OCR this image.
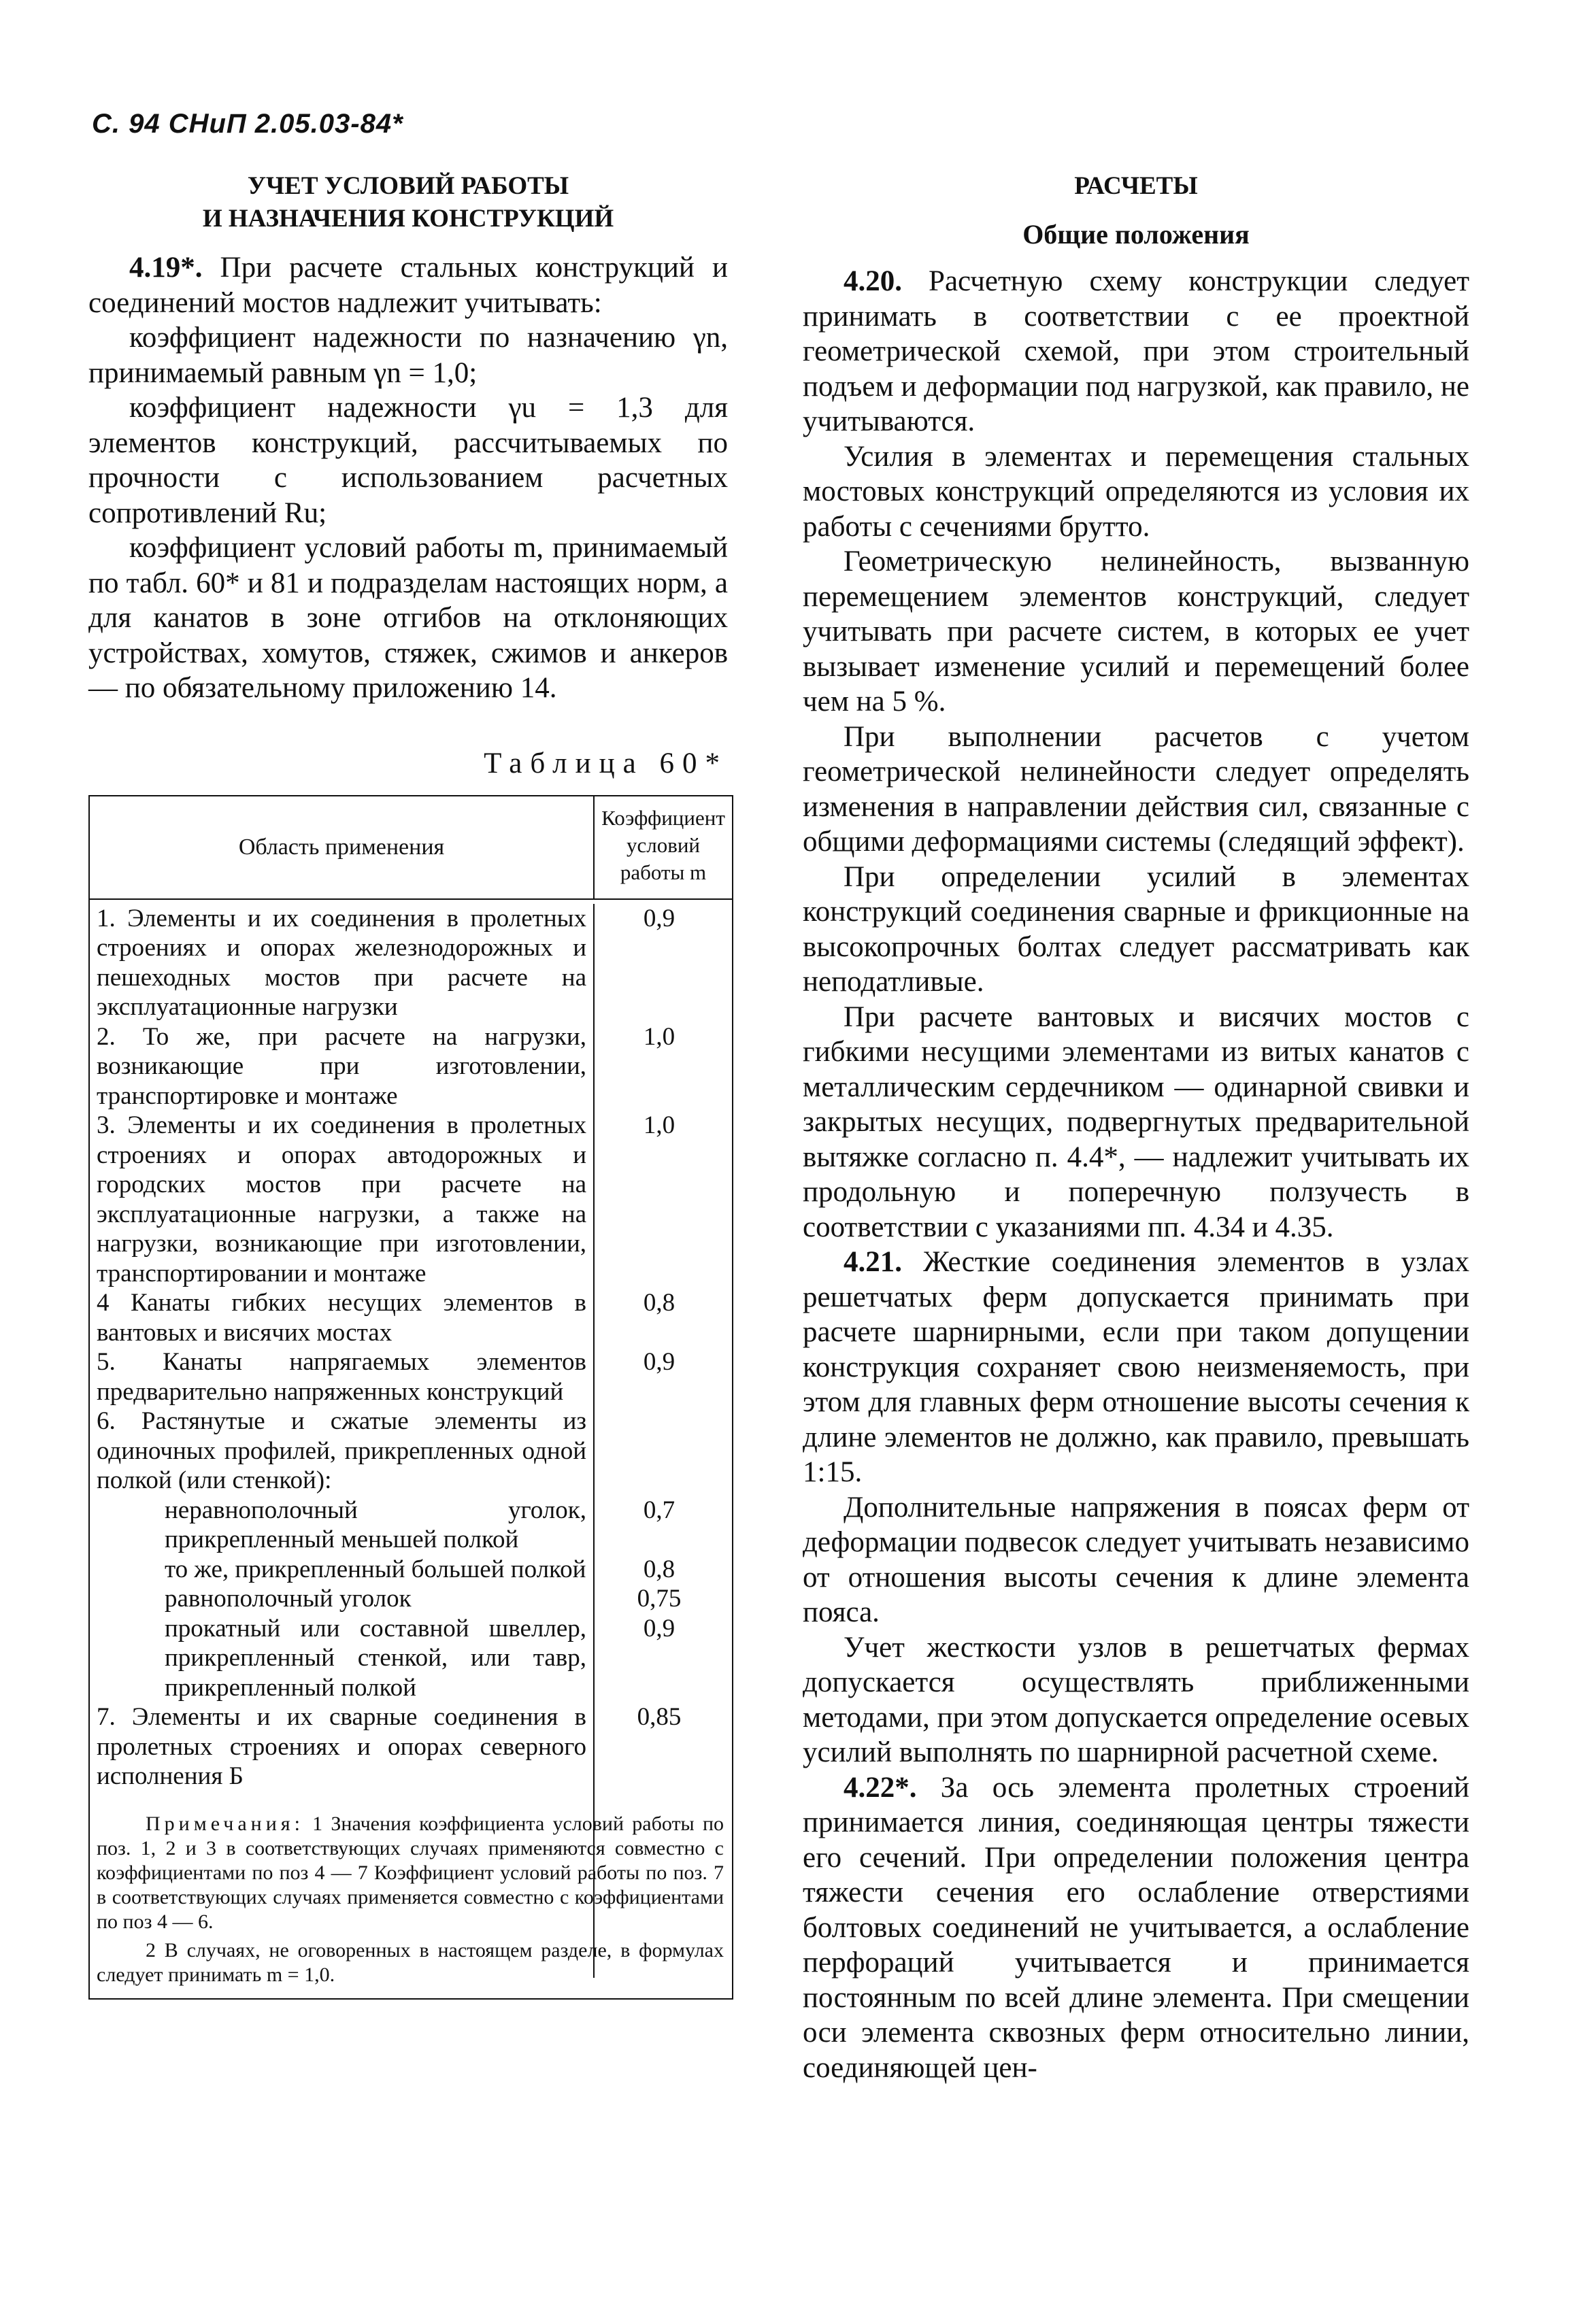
С. 94 СНиП 2.05.03-84*
УЧЕТ УСЛОВИЙ РАБОТЫ
И НАЗНАЧЕНИЯ КОНСТРУКЦИЙ

4.19*. При расчете стальных конструкций и соединений мостов надлежит учитывать:

коэффициент надежности по назначению γn, принимаемый равным γn = 1,0;

коэффициент надежности γu = 1,3 для элементов конструкций, рассчитываемых по прочности с использованием расчетных сопротивлений Ru;

коэффициент условий работы m, принимаемый по табл. 60* и 81 и подразделам настоящих норм, а для канатов в зоне отгибов на отклоняющих устройствах, хомутов, стяжек, сжимов и анкеров — по обязательному приложению 14.

Таблица 60*
Область применения
Коэффициент условий работы m
1. Элементы и их соединения в пролетных строениях и опорах железнодорожных и пешеходных мостов при расчете на эксплуатационные нагрузки
0,9
2. То же, при расчете на нагрузки, возникающие при изготовлении, транспортировке и монтаже
1,0
3. Элементы и их соединения в пролетных строениях и опорах автодорожных и городских мостов при расчете на эксплуатационные нагрузки, а также на нагрузки, возникающие при изготовлении, транспортировании и монтаже
1,0
4 Канаты гибких несущих элементов в вантовых и висячих мостах
0,8
5. Канаты напрягаемых элементов предварительно напряженных конструкций
0,9
6. Растянутые и сжатые элементы из одиночных профилей, прикрепленных одной полкой (или стенкой):
неравнополочный уголок, прикрепленный меньшей полкой
0,7
то же, прикрепленный большей полкой	0,8
равнополочный уголок	0,75
прокатный или составной швеллер, прикрепленный стенкой, или тавр, прикрепленный полкой
0,9
7. Элементы и их сварные соединения в пролетных строениях и опорах северного исполнения Б
0,85

Примечания: 1 Значения коэффициента условий работы по поз. 1, 2 и 3 в соответствующих случаях применяются совместно с коэффициентами по поз 4 — 7 Коэффициент условий работы по поз. 7 в соответствующих случаях применяется совместно с коэффициентами по поз 4 — 6.

2 В случаях, не оговоренных в настоящем разделе, в формулах следует принимать m = 1,0.

РАСЧЕТЫ
Общие положения

4.20. Расчетную схему конструкции следует принимать в соответствии с ее проектной геометрической схемой, при этом строительный подъем и деформации под нагрузкой, как правило, не учитываются.

Усилия в элементах и перемещения стальных мостовых конструкций определяются из условия их работы с сечениями брутто.

Геометрическую нелинейность, вызванную перемещением элементов конструкций, следует учитывать при расчете систем, в которых ее учет вызывает изменение усилий и перемещений более чем на 5 %.

При выполнении расчетов с учетом геометрической нелинейности следует определять изменения в направлении действия сил, связанные с общими деформациями системы (следящий эффект).

При определении усилий в элементах конструкций соединения сварные и фрикционные на высокопрочных болтах следует рассматривать как неподатливые.

При расчете вантовых и висячих мостов с гибкими несущими элементами из витых канатов с металлическим сердечником — одинарной свивки и закрытых несущих, подвергнутых предварительной вытяжке согласно п. 4.4*, — надлежит учитывать их продольную и поперечную ползучесть в соответствии с указаниями пп. 4.34 и 4.35.

4.21. Жесткие соединения элементов в узлах решетчатых ферм допускается принимать при расчете шарнирными, если при таком допущении конструкция сохраняет свою неизменяемость, при этом для главных ферм отношение высоты сечения к длине элементов не должно, как правило, превышать 1:15.

Дополнительные напряжения в поясах ферм от деформации подвесок следует учитывать независимо от отношения высоты сечения к длине элемента пояса.

Учет жесткости узлов в решетчатых фермах допускается осуществлять приближенными методами, при этом допускается определение осевых усилий выполнять по шарнирной расчетной схеме.

4.22*. За ось элемента пролетных строений принимается линия, соединяющая центры тяжести его сечений. При определении положения центра тяжести сечения его ослабление отверстиями болтовых соединений не учитывается, а ослабление перфораций учитывается и принимается постоянным по всей длине элемента. При смещении оси элемента сквозных ферм относительно линии, соединяющей цен-
